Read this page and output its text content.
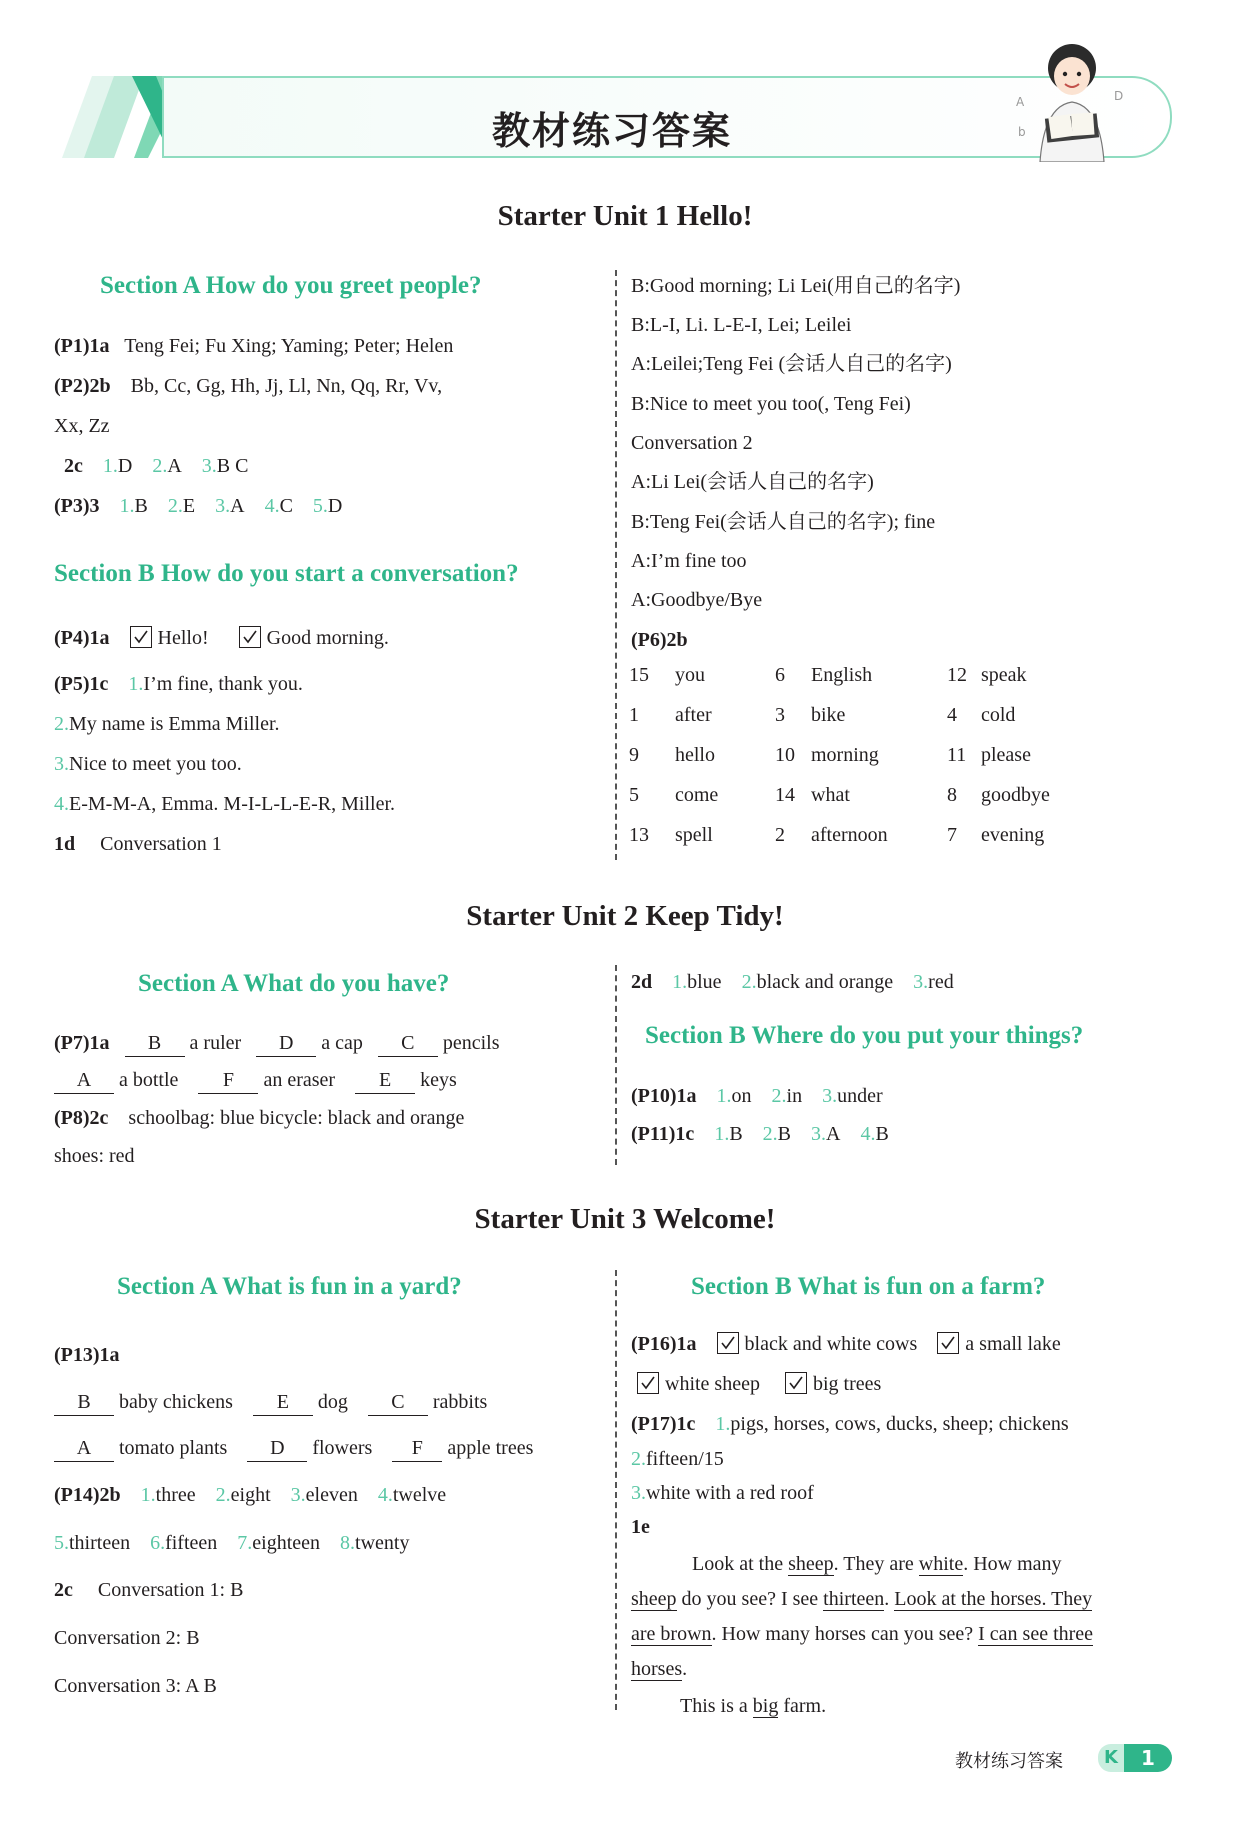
教材练习答案
A	D
b
Starter Unit 1 Hello!
Section A How do you greet people?
(P1)1a Teng Fei; Fu Xing; Yaming; Peter; Helen
(P2)2b Bb, Cc, Gg, Hh, Jj, Ll, Nn, Qq, Rr, Vv,
Xx, Zz
2c 1.D 2.A 3.B C
(P3)3 1.B 2.E 3.A 4.C 5.D
Section B How do you start a conversation?
(P4)1a Hello!	Good morning.
(P5)1c 1.I’m fine, thank you.
2.My name is Emma Miller.
3.Nice to meet you too.
4.E-M-M-A, Emma. M-I-L-L-E-R, Miller.
1d Conversation 1
B:Good morning; Li Lei(用自己的名字)
B:L-I, Li. L-E-I, Lei; Leilei
A:Leilei;Teng Fei (会话人自己的名字)
B:Nice to meet you too(, Teng Fei)
Conversation 2
A:Li Lei(会话人自己的名字)
B:Teng Fei(会话人自己的名字); fine
A:I’m fine too
A:Goodbye/Bye
(P6)2b
15 you	6 English	12 speak
1 after	3 bike	4 cold
9 hello	10 morning	11 please
5 come	14 what	8 goodbye
13 spell	2 afternoon	7 evening
Starter Unit 2 Keep Tidy!
Section A What do you have?
(P7)1a B a ruler D a cap C pencils
A a bottle F an eraser E keys
(P8)2c schoolbag: blue bicycle: black and orange
shoes: red
2d 1.blue 2.black and orange 3.red
Section B Where do you put your things?
(P10)1a 1.on 2.in 3.under
(P11)1c 1.B 2.B 3.A 4.B
Starter Unit 3 Welcome!
Section A What is fun in a yard?
(P13)1a
B baby chickens E dog C rabbits
A tomato plants D flowers F apple trees
(P14)2b 1.three 2.eight 3.eleven 4.twelve
5.thirteen 6.fifteen 7.eighteen 8.twenty
2c Conversation 1: B
Conversation 2: B
Conversation 3: A B
Section B What is fun on a farm?
(P16)1a black and white cows a small lake
white sheep	big trees
(P17)1c 1.pigs, horses, cows, ducks, sheep; chickens
2.fifteen/15
3.white with a red roof
1e
Look at the sheep. They are white. How many
sheep do you see? I see thirteen. Look at the horses. They
are brown. How many horses can you see? I can see three
horses.
This is a big farm.
教材练习答案	K	1
